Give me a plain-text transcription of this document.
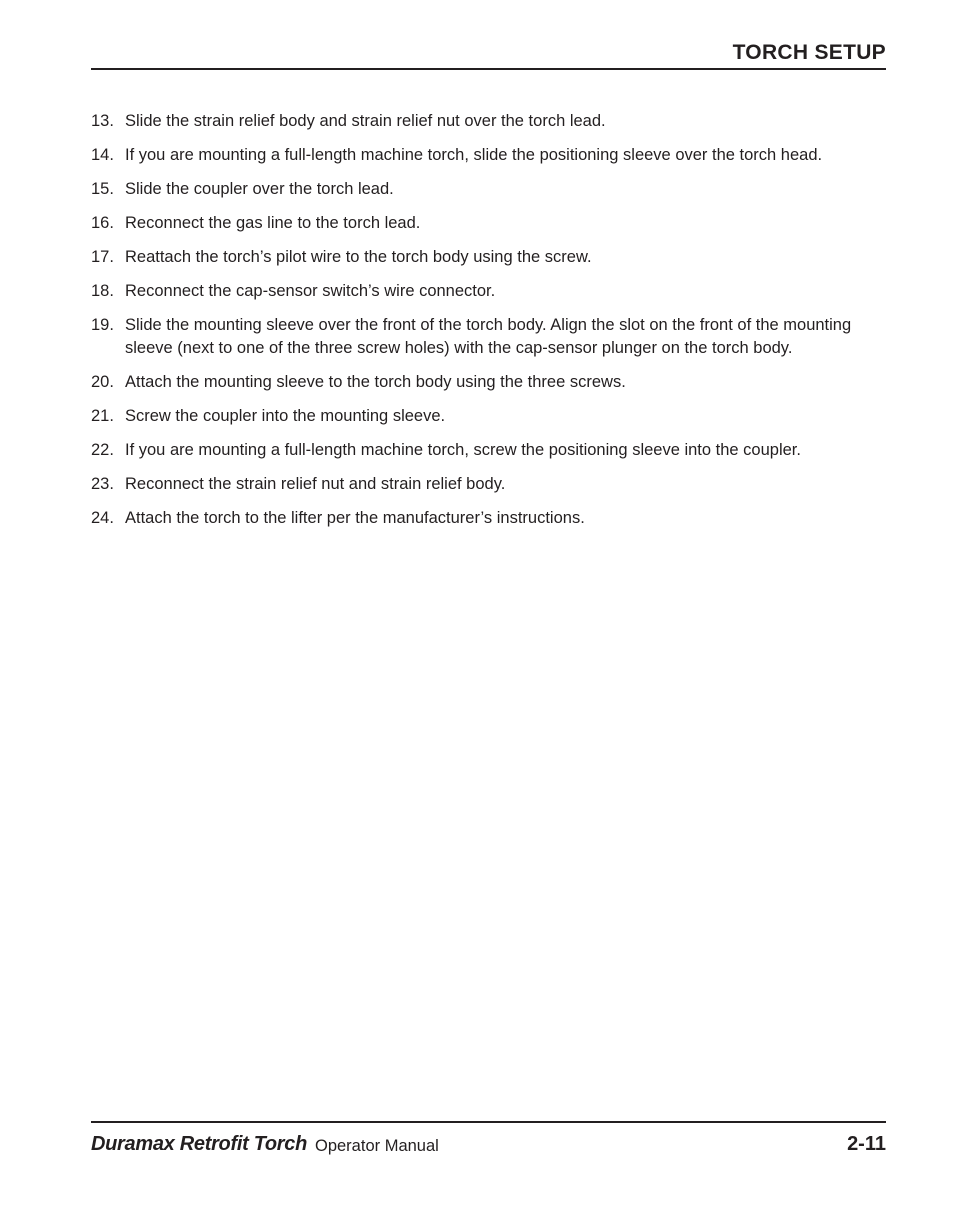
TORCH SETUP
13. Slide the strain relief body and strain relief nut over the torch lead.
14. If you are mounting a full-length machine torch, slide the positioning sleeve over the torch head.
15. Slide the coupler over the torch lead.
16. Reconnect the gas line to the torch lead.
17. Reattach the torch’s pilot wire to the torch body using the screw.
18. Reconnect the cap-sensor switch’s wire connector.
19. Slide the mounting sleeve over the front of the torch body. Align the slot on the front of the mounting sleeve (next to one of the three screw holes) with the cap-sensor plunger on the torch body.
20. Attach the mounting sleeve to the torch body using the three screws.
21. Screw the coupler into the mounting sleeve.
22. If you are mounting a full-length machine torch, screw the positioning sleeve into the coupler.
23. Reconnect the strain relief nut and strain relief body.
24. Attach the torch to the lifter per the manufacturer’s instructions.
Duramax Retrofit Torch Operator Manual	2-11
